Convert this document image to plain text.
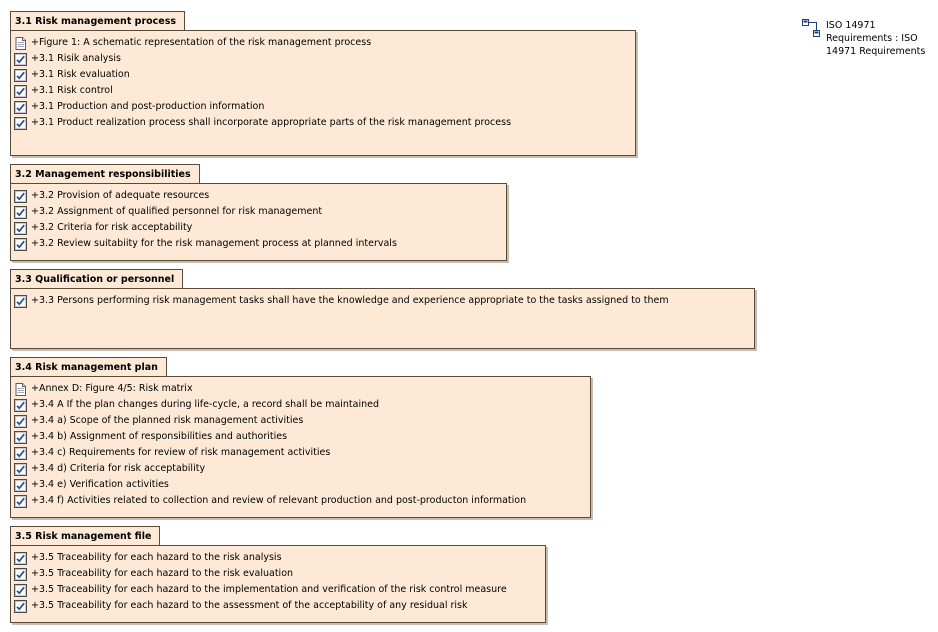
3.1 Risk management process
+Figure 1: A schematic representation of the risk management process
+3.1 Risik analysis
+3.1 Risk evaluation
+3.1 Risk control
+3.1 Production and post-production information
+3.1 Product realization process shall incorporate appropriate parts of the risk management process
3.2 Management responsibilities
+3.2 Provision of adequate resources
+3.2 Assignment of qualified personnel for risk management
+3.2 Criteria for risk acceptability
+3.2 Review suitabiity for the risk management process at planned intervals
3.3 Qualification or personnel
+3.3 Persons performing risk management tasks shall have the knowledge and experience appropriate to the tasks assigned to them
3.4 Risk management plan
+Annex D: Figure 4/5: Risk matrix
+3.4 A If the plan changes during life-cycle, a record shall be maintained
+3.4 a) Scope of the planned risk management activities
+3.4 b) Assignment of responsibilities and authorities
+3.4 c) Requirements for review of risk management activities
+3.4 d) Criteria for risk acceptability
+3.4 e) Verification activities
+3.4 f) Activities related to collection and review of relevant production and post-producton information
3.5 Risk management file
+3.5 Traceability for each hazard to the risk analysis
+3.5 Traceability for each hazard to the risk evaluation
+3.5 Traceability for each hazard to the implementation and verification of the risk control measure
+3.5 Traceability for each hazard to the assessment of the acceptability of any residual risk
ISO 14971
Requirements : ISO
14971 Requirements
